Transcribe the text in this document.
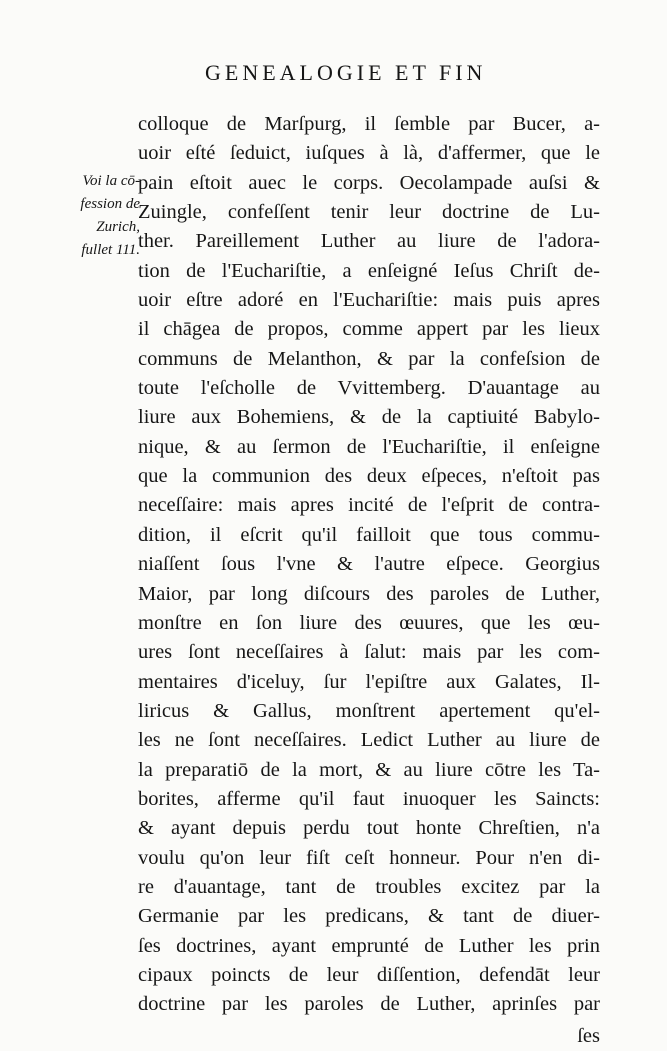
GENEALOGIE ET FIN
Voi la cō-
fession de
Zurich,
fullet 111.
colloque de Marſpurg, il ſemble par Bucer, a-
uoir eſté ſeduict, iuſques à là, d'affermer, que le
pain eſtoit auec le corps. Oecolampade auſsi &
Zuingle, confeſſent tenir leur doctrine de Lu-
ther. Pareillement Luther au liure de l'adora-
tion de l'Euchariſtie, a enſeigné Ieſus Chriſt de-
uoir eſtre adoré en l'Euchariſtie: mais puis apres
il chāgea de propos, comme appert par les lieux
communs de Melanthon, & par la confeſsion de
toute l'eſcholle de Vvittemberg. D'auantage au
liure aux Bohemiens, & de la captiuité Babylo-
nique, & au ſermon de l'Euchariſtie, il enſeigne
que la communion des deux eſpeces, n'eſtoit pas
neceſſaire: mais apres incité de l'eſprit de contra-
dition, il eſcrit qu'il failloit que tous commu-
niaſſent ſous l'vne & l'autre eſpece. Georgius
Maior, par long diſcours des paroles de Luther,
monſtre en ſon liure des œuures, que les œu-
ures ſont neceſſaires à ſalut: mais par les com-
mentaires d'iceluy, ſur l'epiſtre aux Galates, Il-
liricus & Gallus, monſtrent apertement qu'el-
les ne ſont neceſſaires. Ledict Luther au liure de
la preparatiō de la mort, & au liure cōtre les Ta-
borites, afferme qu'il faut inuoquer les Saincts:
& ayant depuis perdu tout honte Chreſtien, n'a
voulu qu'on leur fiſt ceſt honneur. Pour n'en di-
re d'auantage, tant de troubles excitez par la
Germanie par les predicans, & tant de diuer-
ſes doctrines, ayant emprunté de Luther les prin
cipaux poincts de leur diſſention, defendāt leur
doctrine par les paroles de Luther, aprinſes par
ſes
